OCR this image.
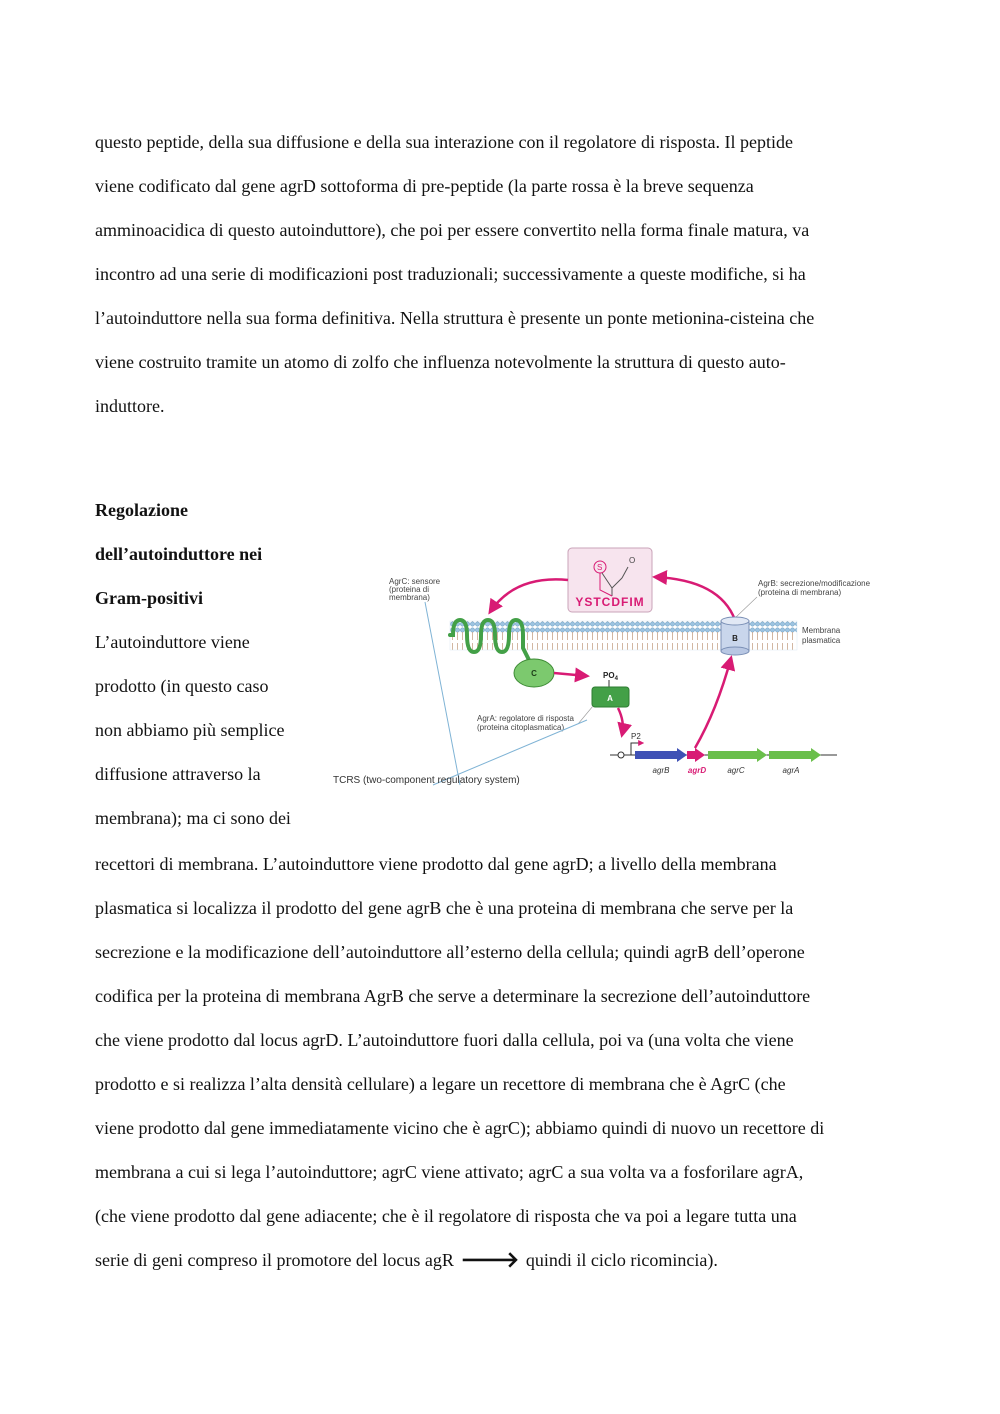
questo peptide, della sua diffusione e della sua interazione con il regolatore di risposta. Il peptide
viene codificato dal gene agrD sottoforma di pre-peptide (la parte rossa è la breve sequenza
amminoacidica di questo autoinduttore), che poi per essere convertito nella forma finale matura, va
incontro ad una serie di modificazioni post traduzionali; successivamente a queste modifiche, si ha
l’autoinduttore nella sua forma definitiva. Nella struttura è presente un ponte metionina-cisteina che
viene costruito tramite un atomo di zolfo che influenza notevolmente la struttura di questo auto-
induttore.
Regolazione
dell’autoinduttore nei
Gram-positivi
L’autoinduttore viene
prodotto (in questo caso
non abbiamo più semplice
diffusione attraverso la
membrana); ma ci sono dei
Membrana
plasmatica
S
O
YSTCDFIM
AgrC: sensore
(proteina di
membrana)
AgrB: secrezione/modificazione
(proteina di membrana)
C
B
$PO_4$
A
AgrA: regolatore di risposta
(proteina citoplasmatica)
P2
agrB agrD	agrC	agrA
TCRS (two-component regulatory system)
recettori di membrana. L’autoinduttore viene prodotto dal gene agrD; a livello della membrana
plasmatica si localizza il prodotto del gene agrB che è una proteina di membrana che serve per la
secrezione e la modificazione dell’autoinduttore all’esterno della cellula; quindi agrB dell’operone
codifica per la proteina di membrana AgrB che serve a determinare la secrezione dell’autoinduttore
che viene prodotto dal locus agrD. L’autoinduttore fuori dalla cellula, poi va (una volta che viene
prodotto e si realizza l’alta densità cellulare) a legare un recettore di membrana che è AgrC (che
viene prodotto dal gene immediatamente vicino che è agrC); abbiamo quindi di nuovo un recettore di
membrana a cui si lega l’autoinduttore; agrC viene attivato; agrC a sua volta va a fosforilare agrA,
(che viene prodotto dal gene adiacente; che è il regolatore di risposta che va poi a legare tutta una
serie di geni compreso il promotore del locus agR 🡒 quindi il ciclo ricomincia).
